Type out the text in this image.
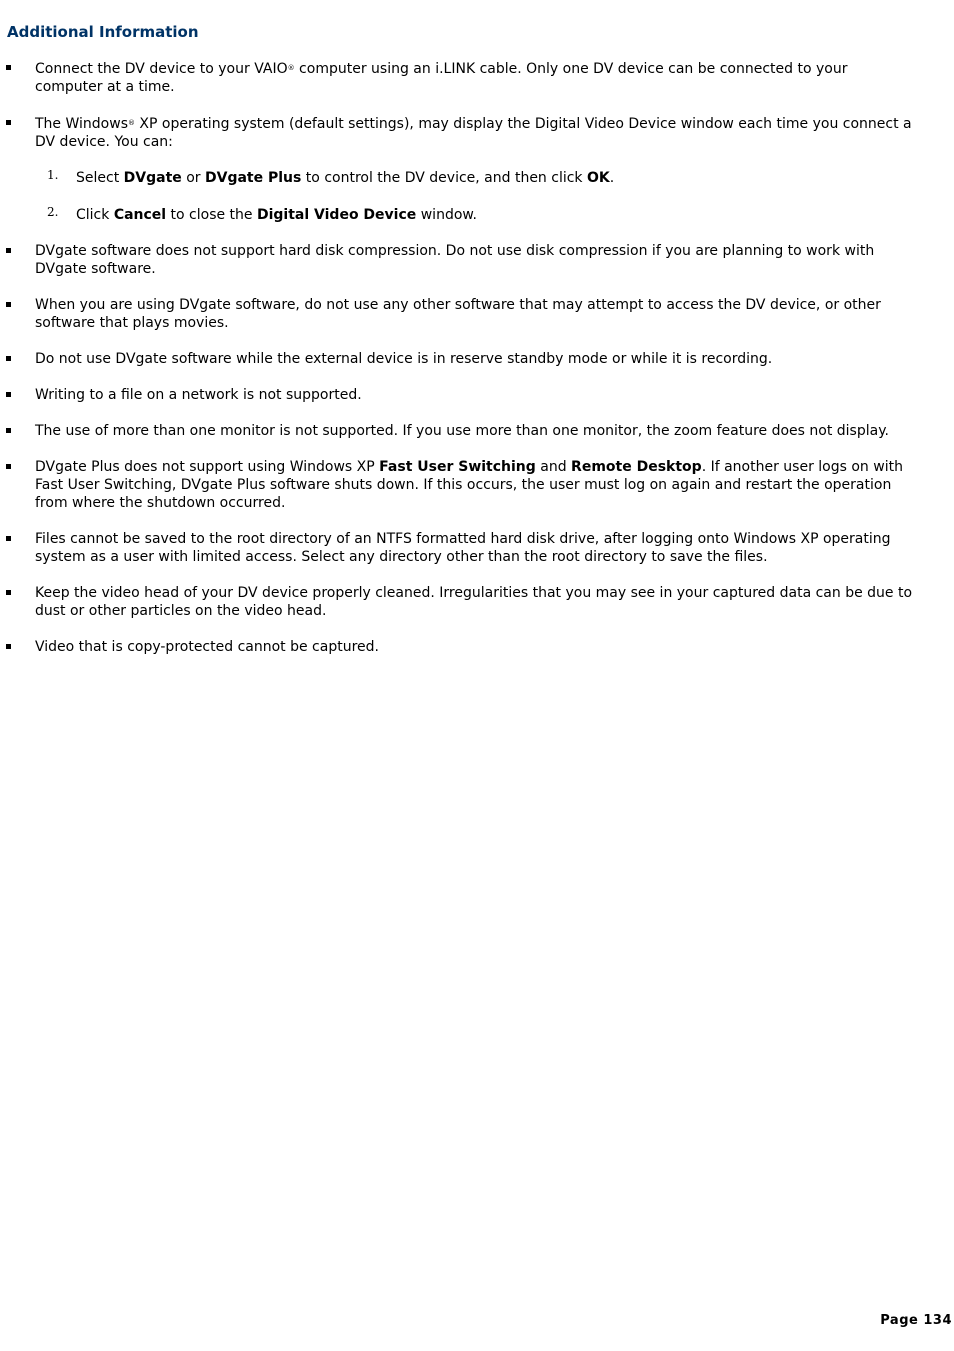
Additional Information
Connect the DV device to your VAIO® computer using an i.LINK cable. Only one DV device can be connected to your computer at a time.
The Windows® XP operating system (default settings), may display the Digital Video Device window each time you connect a DV device. You can:
1. Select DVgate or DVgate Plus to control the DV device, and then click OK.
2. Click Cancel to close the Digital Video Device window.
DVgate software does not support hard disk compression. Do not use disk compression if you are planning to work with DVgate software.
When you are using DVgate software, do not use any other software that may attempt to access the DV device, or other software that plays movies.
Do not use DVgate software while the external device is in reserve standby mode or while it is recording.
Writing to a file on a network is not supported.
The use of more than one monitor is not supported. If you use more than one monitor, the zoom feature does not display.
DVgate Plus does not support using Windows XP Fast User Switching and Remote Desktop. If another user logs on with Fast User Switching, DVgate Plus software shuts down. If this occurs, the user must log on again and restart the operation from where the shutdown occurred.
Files cannot be saved to the root directory of an NTFS formatted hard disk drive, after logging onto Windows XP operating system as a user with limited access. Select any directory other than the root directory to save the files.
Keep the video head of your DV device properly cleaned. Irregularities that you may see in your captured data can be due to dust or other particles on the video head.
Video that is copy-protected cannot be captured.
Page 134
